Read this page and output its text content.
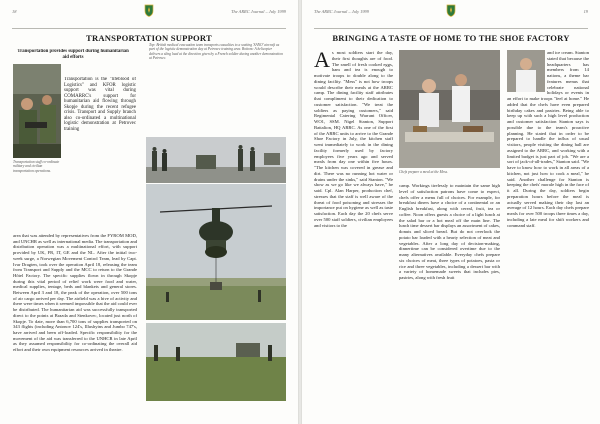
18	The ARRC Journal – July 1999
TRANSPORTATION SUPPORT
Transportation provides support during humanitarian aid efforts
Transportation staff co-ordinate military and civilian transportation operations.
Transportation is the "lifeblood of Logistics" and KFOR logistic support was vital during COMARRC's support for humanitarian aid flowing through Skopje during the recent refugee crisis. Transport and Supply branch also co-ordinated a multinational logistic demonstration at Petrovec training
Top: British medical evacuation team transports casualties to a waiting 'SANO' aircraft as part of the logistic demonstration day at Petrovec training area. Bottom: A helicopter delivers a sling load at the direction given by a French soldier during another demonstration at Petrovec.
area that was attended by representatives from the FYROM MOD, and UNCHR as well as international media. The transportation and distribution operation was a multinational effort, with support provided by UK, FR, IT, GE and the NL. After the initial two-week surge, a Norwegian Movement Control Team, lead by Capt. Ivar Dragten, took over the operation April 18, releasing the team from Transport and Supply and the MCC to return to the Grande Hôtel Factory. The specific supplies flown in through Skopje during this vital period of relief work were food and water, medical supplies, tentage, beds and blankets and general stores. Between April 3 and 18, the peak of the operation, over 500 tons of air cargo arrived per day. The airfield was a hive of activity and there were times when it seemed impossible that the aid could ever be distributed. The humanitarian aid was successfully transported direct to the points at Brazda and Stenkovec, located just north of Skopje. To date, more than 6,700 tons of supplies transported on 343 flights (including Antonov 124's, Illushyins and Jumbo 747's, have arrived and been off-loaded. Specific responsibility for the movement of the aid was transferred to the UNHCR in late April as they assumed responsibility for co-ordinating the overall aid effort and their own equipment resources arrived in theatre.
The ARRC Journal – July 1999	19
BRINGING A TASTE OF HOME TO THE SHOE FACTORY
As most soldiers start the day, their first thoughts are of food. The smell of fresh cooked eggs, ham and tea is enough to motivate troops to double along to the dining facility. "Mess" is not how troops would describe their meals at the ARRC camp. The dining facility staff attributes that compliment to their dedication to customer satisfaction. "We treat the soldiers as paying customers," said Regimental Catering Warrant Officer, WO1, SSM. Nigel Stanton, Support Battalion, HQ ARRC. As one of the first of the ARRC units to arrive to the Grande Shoe Factory in July, the kitchen staff went immediately to work in the dining facility formerly used by factory employees five years ago and served meals from day one within five hours. "The kitchen was covered in grease and dirt. There was no running hot water or drains under the sinks," said Stanton. "We show as we go like we always have," he said. Cpl. Alan Harper, production chef, stresses that the staff is well aware of the threat of food poisoning and stresses the importance put on hygiene as well as taste satisfaction. Each day the 20 chefs serve over 500 staff soldiers, civilian employees and visitors to the
Chefs prepare a meal at the Mess.
camp. Workings tirelessly to maintain the same high level of satisfaction patrons have come to expect, chefs offer a menu full of choices. For example, for breakfast diners have a choice of a continental or an English breakfast, along with cereal, fruit, tea or coffee. Noon offers guests a choice of a light lunch at the salad bar or a hot meal off the main line. The lunch time dessert bar displays an assortment of cakes, donuts and sliced bread. But do not overlook the potato bar loaded with a hearty selection of meat and vegetables. After a long day of decision-making, dinnertime can be considered overtime due to the many alternatives available. Everyday chefs prepare six choices of meat, three types of potatoes, pasta or rice and three vegetables, including a dessert bar with a variety of homemade sweets that includes pies, pastries, along with fresh fruit
and ice cream. Stanton stated that because the headquarters has members from 14 nations, a theme bar features menus that celebrate national holidays or events in an effort to make troops "feel at home." He added that the chefs have even prepared birthday cakes and pastries. Being able to keep up with such a high level production and customer satisfaction Stanton says is possible due to the team's proactive planning. He stated that in order to be prepared to handle the influx of usual visitors, people visiting the dining hall are assigned to the ARRC, and working with a limited budget is just part of job. "We are a sort of jack-of-all-trades," Stanton said. "We have to know how to work in all areas of a kitchen, not just how to cook a meal," he said. Another challenge for Stanton is keeping the chefs' morale high in the face of it all. During the day, soldiers begin preparation hours before the meal is actually served making their day last an average of 12 hours. Each day chefs prepare meals for over 500 troops three times a day, including a late meal for shift workers and command staff.
